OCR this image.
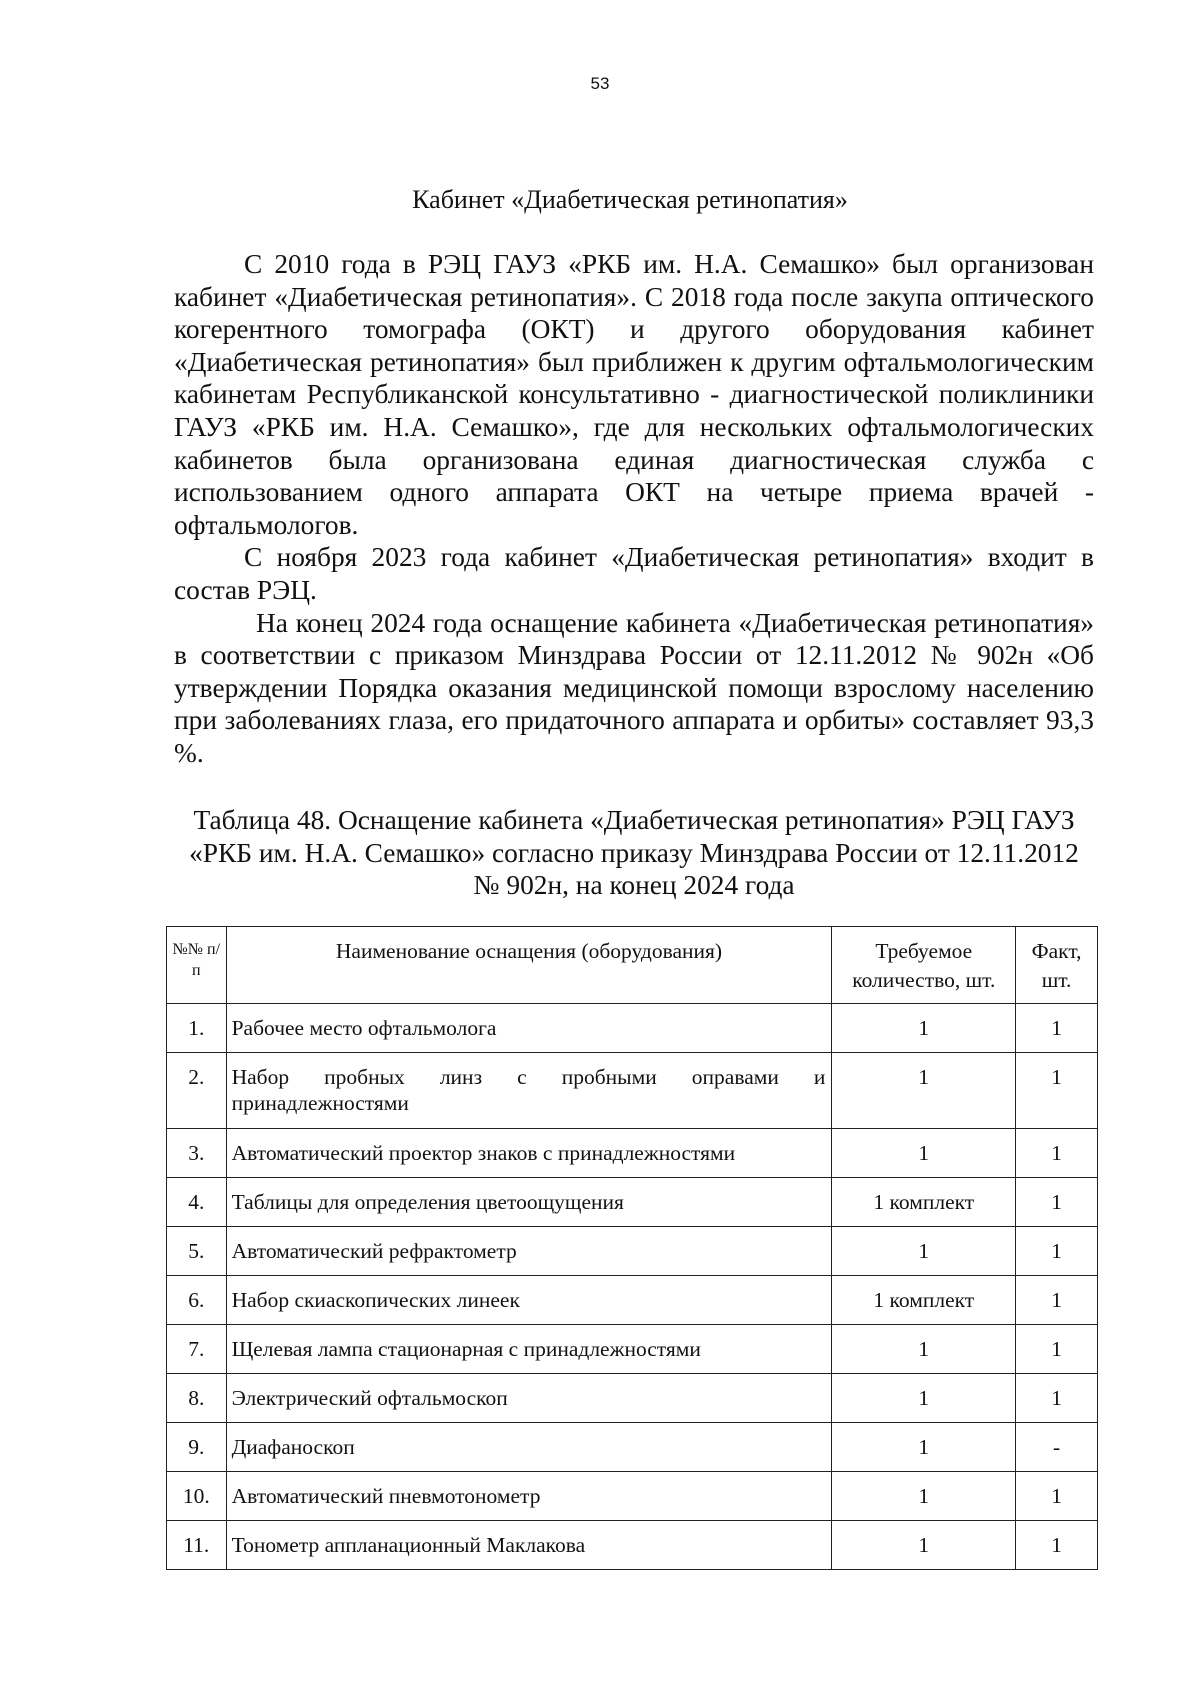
53
Кабинет «Диабетическая ретинопатия»

С 2010 года в РЭЦ ГАУЗ «РКБ им. Н.А. Семашко» был организован кабинет «Диабетическая ретинопатия». С 2018 года после закупа оптического когерентного томографа (ОКТ) и другого оборудования кабинет «Диабетическая ретинопатия» был приближен к другим офтальмологическим кабинетам Республиканской консультативно - диагностической поликлиники ГАУЗ «РКБ им. Н.А. Семашко», где для нескольких офтальмологических кабинетов была организована единая диагностическая служба с использованием одного аппарата ОКТ на четыре приема врачей - офтальмологов.

С ноября 2023 года кабинет «Диабетическая ретинопатия» входит в состав РЭЦ.

На конец 2024 года оснащение кабинета «Диабетическая ретинопатия» в соответствии с приказом Минздрава России от 12.11.2012 № 902н «Об утверждении Порядка оказания медицинской помощи взрослому населению при заболеваниях глаза, его придаточного аппарата и орбиты» составляет 93,3 %.

Таблица 48. Оснащение кабинета «Диабетическая ретинопатия» РЭЦ ГАУЗ «РКБ им. Н.А. Семашко» согласно приказу Минздрава России от 12.11.2012 № 902н, на конец 2024 года
№№ п/п	Наименование оснащения (оборудования)	Требуемое количество, шт.	Факт, шт.
1.	Рабочее место офтальмолога	1	1
2.	Набор пробных линз с пробными оправами и принадлежностями	1	1
3.	Автоматический проектор знаков с принадлежностями	1	1
4.	Таблицы для определения цветоощущения	1 комплект	1
5.	Автоматический рефрактометр	1	1
6.	Набор скиаскопических линеек	1 комплект	1
7.	Щелевая лампа стационарная с принадлежностями	1	1
8.	Электрический офтальмоскоп	1	1
9.	Диафаноскоп	1	-
10.	Автоматический пневмотонометр	1	1
11.	Тонометр аппланационный Маклакова	1	1
